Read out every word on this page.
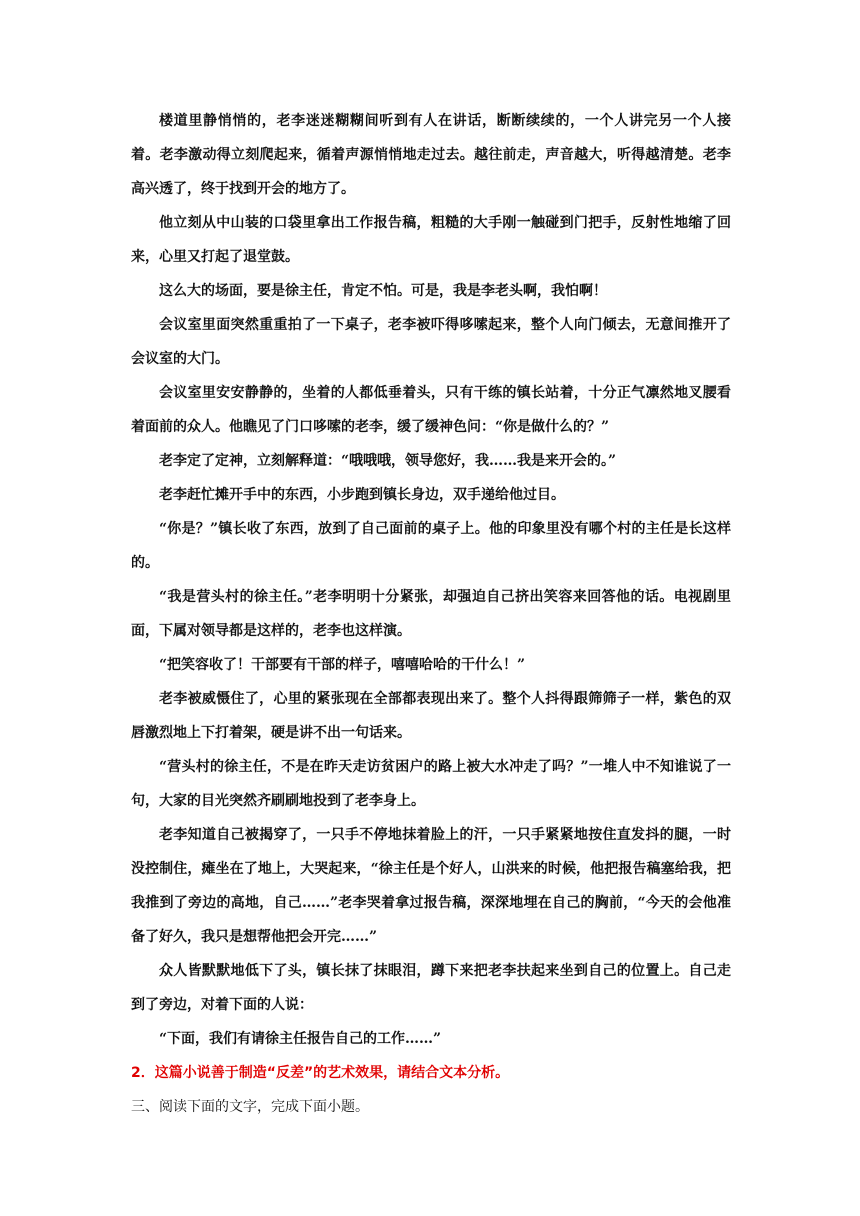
楼道里静悄悄的，老李迷迷糊糊间听到有人在讲话，断断续续的，一个人讲完另一个人接着。老李激动得立刻爬起来，循着声源悄悄地走过去。越往前走，声音越大，听得越清楚。老李高兴透了，终于找到开会的地方了。

他立刻从中山装的口袋里拿出工作报告稿，粗糙的大手刚一触碰到门把手，反射性地缩了回来，心里又打起了退堂鼓。

这么大的场面，要是徐主任，肯定不怕。可是，我是李老头啊，我怕啊！

会议室里面突然重重拍了一下桌子，老李被吓得哆嗦起来，整个人向门倾去，无意间推开了会议室的大门。

会议室里安安静静的，坐着的人都低垂着头，只有干练的镇长站着，十分正气凛然地叉腰看着面前的众人。他瞧见了门口哆嗦的老李，缓了缓神色问：“你是做什么的？”

老李定了定神，立刻解释道：“哦哦哦，领导您好，我……我是来开会的。”

老李赶忙摊开手中的东西，小步跑到镇长身边，双手递给他过目。

“你是？”镇长收了东西，放到了自己面前的桌子上。他的印象里没有哪个村的主任是长这样的。

“我是营头村的徐主任。”老李明明十分紧张，却强迫自己挤出笑容来回答他的话。电视剧里面，下属对领导都是这样的，老李也这样演。

“把笑容收了！干部要有干部的样子，嘻嘻哈哈的干什么！”

老李被威慑住了，心里的紧张现在全部都表现出来了。整个人抖得跟筛筛子一样，紫色的双唇激烈地上下打着架，硬是讲不出一句话来。

“营头村的徐主任，不是在昨天走访贫困户的路上被大水冲走了吗？”一堆人中不知谁说了一句，大家的目光突然齐刷刷地投到了老李身上。

老李知道自己被揭穿了，一只手不停地抹着脸上的汗，一只手紧紧地按住直发抖的腿，一时没控制住，瘫坐在了地上，大哭起来，“徐主任是个好人，山洪来的时候，他把报告稿塞给我，把我推到了旁边的高地，自己……”老李哭着拿过报告稿，深深地埋在自己的胸前，“今天的会他准备了好久，我只是想帮他把会开完……”

众人皆默默地低下了头，镇长抹了抹眼泪，蹲下来把老李扶起来坐到自己的位置上。自己走到了旁边，对着下面的人说：

“下面，我们有请徐主任报告自己的工作……”

2．这篇小说善于制造“反差”的艺术效果，请结合文本分析。

三、阅读下面的文字，完成下面小题。
